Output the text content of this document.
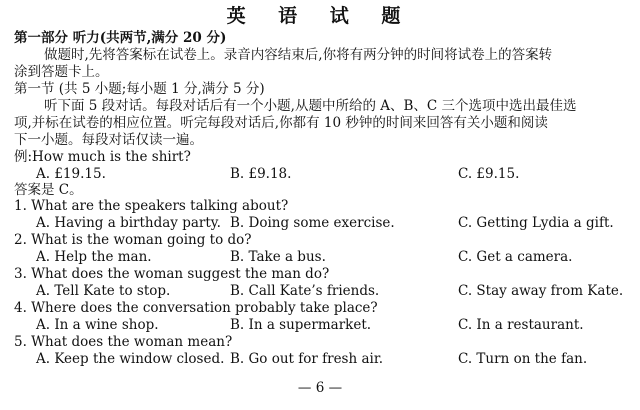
英 语 试 题
第一部分 听力(共两节,满分 20 分)
做题时,先将答案标在试卷上。录音内容结束后,你将有两分钟的时间将试卷上的答案转
涂到答题卡上。
第一节 (共 5 小题;每小题 1 分,满分 5 分)
听下面 5 段对话。每段对话后有一个小题,从题中所给的 A、B、C 三个选项中选出最佳选
项,并标在试卷的相应位置。听完每段对话后,你都有 10 秒钟的时间来回答有关小题和阅读
下一小题。每段对话仅读一遍。
例:How much is the shirt?
A. £19.15.	B. £9.18.	C. £9.15.
答案是 C。
1. What are the speakers talking about?
A. Having a birthday party. B. Doing some exercise.	C. Getting Lydia a gift.
2. What is the woman going to do?
A. Help the man.	B. Take a bus.	C. Get a camera.
3. What does the woman suggest the man do?
A. Tell Kate to stop.	B. Call Kate’s friends.	C. Stay away from Kate.
4. Where does the conversation probably take place?
A. In a wine shop.	B. In a supermarket.	C. In a restaurant.
5. What does the woman mean?
A. Keep the window closed. B. Go out for fresh air.	C. Turn on the fan.
— 6 —
